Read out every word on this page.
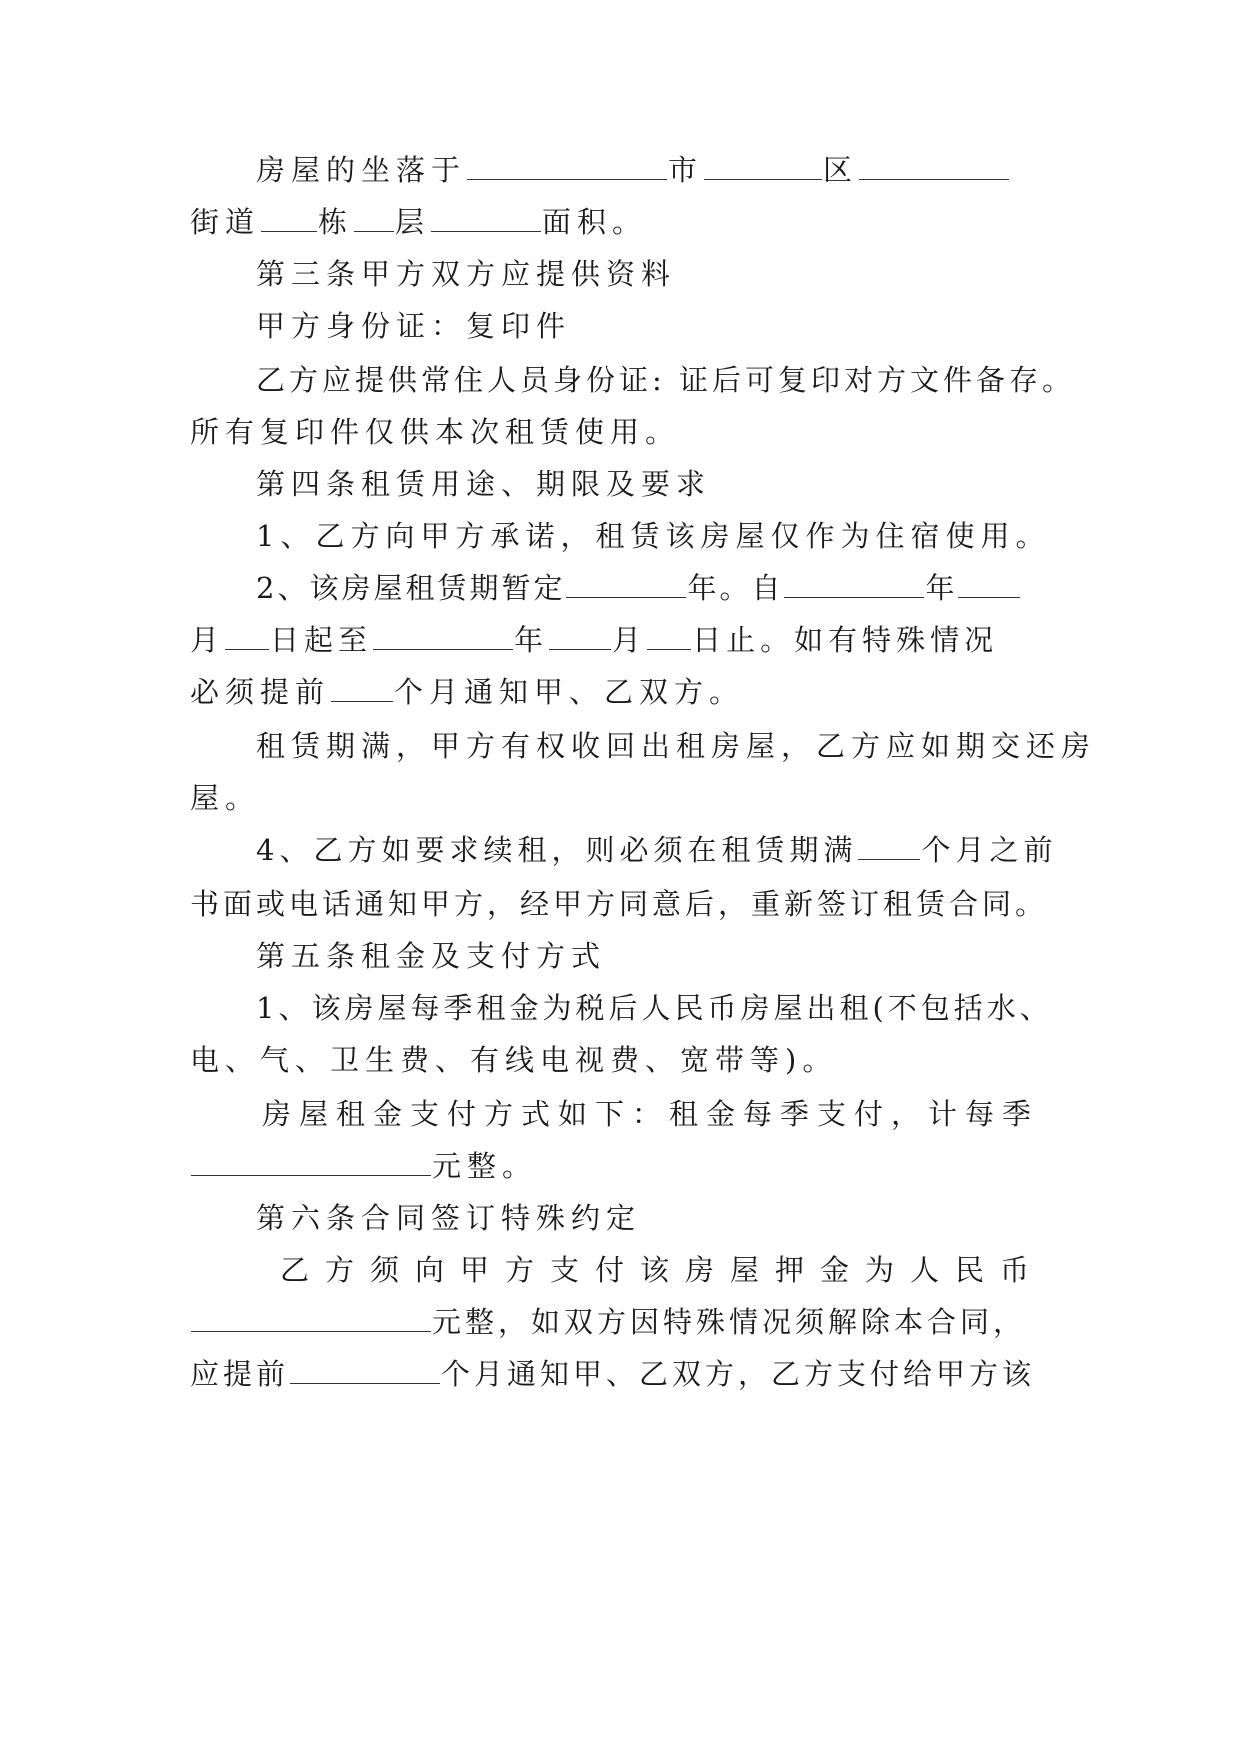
房屋的坐落于	市	区
街道 栋 层	面积。
第三条甲方双方应提供资料
甲方身份证：复印件
乙方应提供常住人员身份证: 证后可复印对方文件备存。
所有复印件仅供本次租赁使用。
第四条租赁用途、期限及要求
1、乙方向甲方承诺，租赁该房屋仅作为住宿使用。
2、该房屋租赁期暂定	年。自	年
月 日起至	年 月 日止。如有特殊情况
必须提前 个月通知甲、乙双方。
租赁期满，甲方有权收回出租房屋，乙方应如期交还房
屋。
4、乙方如要求续租，则必须在租赁期满 个月之前
书面或电话通知甲方，经甲方同意后，重新签订租赁合同。
第五条租金及支付方式
1、该房屋每季租金为税后人民币房屋出租(不包括水、
电、气、卫生费、有线电视费、宽带等)。
房屋租金支付方式如下：租金每季支付，计每季
元整。
第六条合同签订特殊约定
乙方须向甲方支付该房屋押金为人民币
元整，如双方因特殊情况须解除本合同，
应提前	个月通知甲、乙双方，乙方支付给甲方该
